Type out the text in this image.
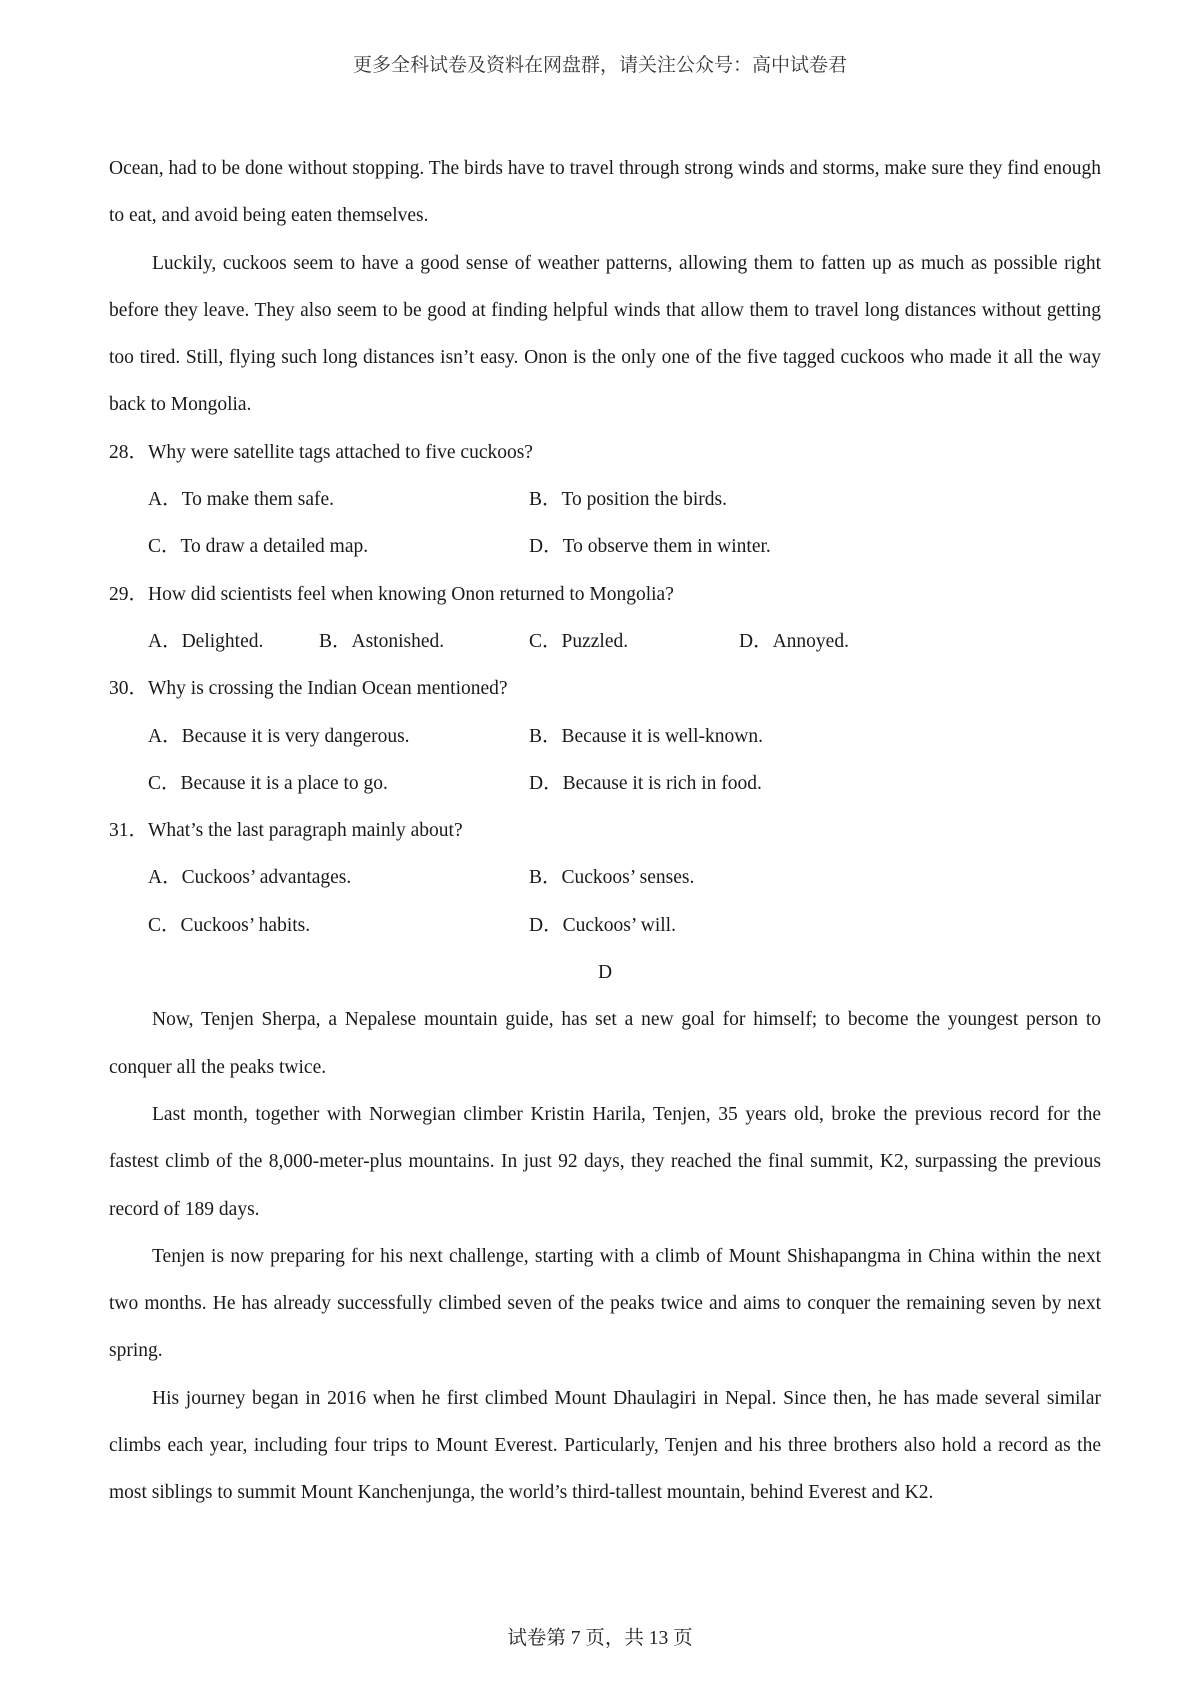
更多全科试卷及资料在网盘群，请关注公众号：高中试卷君

Ocean, had to be done without stopping. The birds have to travel through strong winds and storms, make sure they find enough to eat, and avoid being eaten themselves.

Luckily, cuckoos seem to have a good sense of weather patterns, allowing them to fatten up as much as possible right before they leave. They also seem to be good at finding helpful winds that allow them to travel long distances without getting too tired. Still, flying such long distances isn’t easy. Onon is the only one of the five tagged cuckoos who made it all the way back to Mongolia.

28．Why were satellite tags attached to five cuckoos?

A．To make them safe.	B．To position the birds.
C．To draw a detailed map.	D．To observe them in winter.

29．How did scientists feel when knowing Onon returned to Mongolia?

A．Delighted.	B．Astonished.	C．Puzzled.	D．Annoyed.

30．Why is crossing the Indian Ocean mentioned?

A．Because it is very dangerous.	B．Because it is well-known.
C．Because it is a place to go.	D．Because it is rich in food.

31．What’s the last paragraph mainly about?

A．Cuckoos’ advantages.	B．Cuckoos’ senses.
C．Cuckoos’ habits.	D．Cuckoos’ will.

D

Now, Tenjen Sherpa, a Nepalese mountain guide, has set a new goal for himself; to become the youngest person to conquer all the peaks twice.

Last month, together with Norwegian climber Kristin Harila, Tenjen, 35 years old, broke the previous record for the fastest climb of the 8,000-meter-plus mountains. In just 92 days, they reached the final summit, K2, surpassing the previous record of 189 days.

Tenjen is now preparing for his next challenge, starting with a climb of Mount Shishapangma in China within the next two months. He has already successfully climbed seven of the peaks twice and aims to conquer the remaining seven by next spring.

His journey began in 2016 when he first climbed Mount Dhaulagiri in Nepal. Since then, he has made several similar climbs each year, including four trips to Mount Everest. Particularly, Tenjen and his three brothers also hold a record as the most siblings to summit Mount Kanchenjunga, the world’s third-tallest mountain, behind Everest and K2.

试卷第 7 页，共 13 页
